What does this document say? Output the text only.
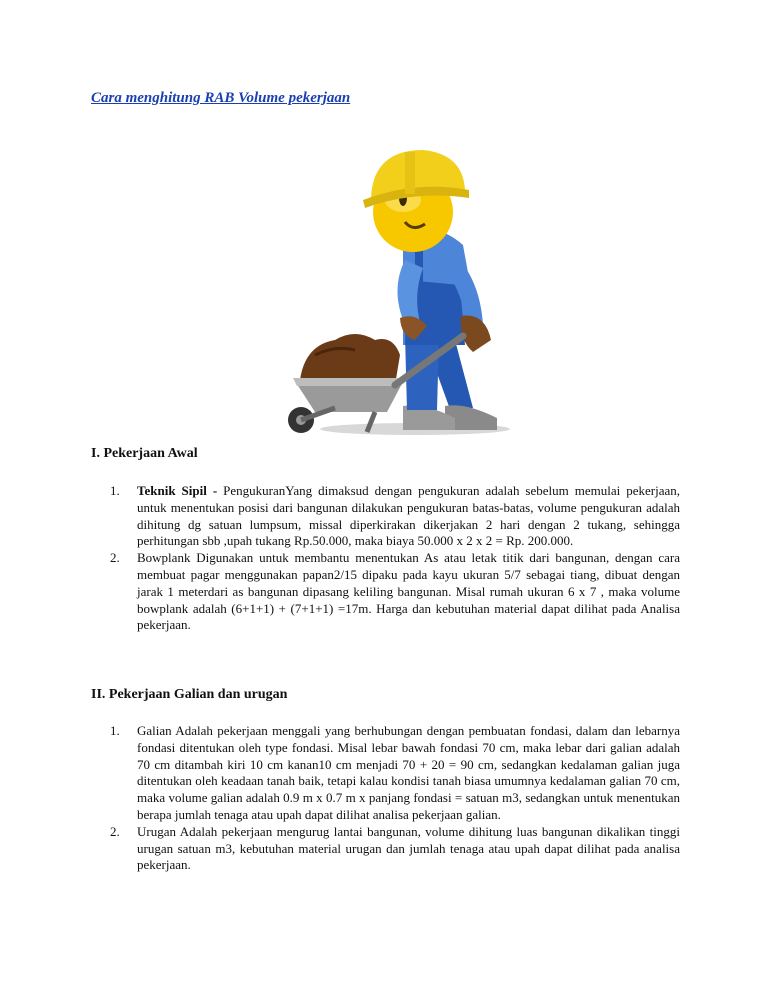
Cara menghitung RAB Volume pekerjaan
I. Pekerjaan Awal
1. Teknik Sipil - PengukuranYang dimaksud dengan pengukuran adalah sebelum memulai pekerjaan, untuk menentukan posisi dari bangunan dilakukan pengukuran batas-batas, volume pengukuran adalah dihitung dg satuan lumpsum, missal diperkirakan dikerjakan 2 hari dengan 2 tukang, sehingga perhitungan sbb ,upah tukang Rp.50.000, maka biaya 50.000 x 2 x 2 = Rp. 200.000.
2. Bowplank Digunakan untuk membantu menentukan As atau letak titik dari bangunan, dengan cara membuat pagar menggunakan papan2/15 dipaku pada kayu ukuran 5/7 sebagai tiang, dibuat dengan jarak 1 meterdari as bangunan dipasang keliling bangunan. Misal rumah ukuran 6 x 7 , maka volume bowplank adalah (6+1+1) + (7+1+1) =17m. Harga dan kebutuhan material dapat dilihat pada Analisa pekerjaan.
II. Pekerjaan Galian dan urugan
1. Galian Adalah pekerjaan menggali yang berhubungan dengan pembuatan fondasi, dalam dan lebarnya fondasi ditentukan oleh type fondasi. Misal lebar bawah fondasi 70 cm, maka lebar dari galian adalah 70 cm ditambah kiri 10 cm kanan10 cm menjadi 70 + 20 = 90 cm, sedangkan kedalaman galian juga ditentukan oleh keadaan tanah baik, tetapi kalau kondisi tanah biasa umumnya kedalaman galian 70 cm, maka volume galian adalah 0.9 m x 0.7 m x panjang fondasi = satuan m3, sedangkan untuk menentukan berapa jumlah tenaga atau upah dapat dilihat analisa pekerjaan galian.
2. Urugan Adalah pekerjaan mengurug lantai bangunan, volume dihitung luas bangunan dikalikan tinggi urugan satuan m3, kebutuhan material urugan dan jumlah tenaga atau upah dapat dilihat pada analisa pekerjaan.
